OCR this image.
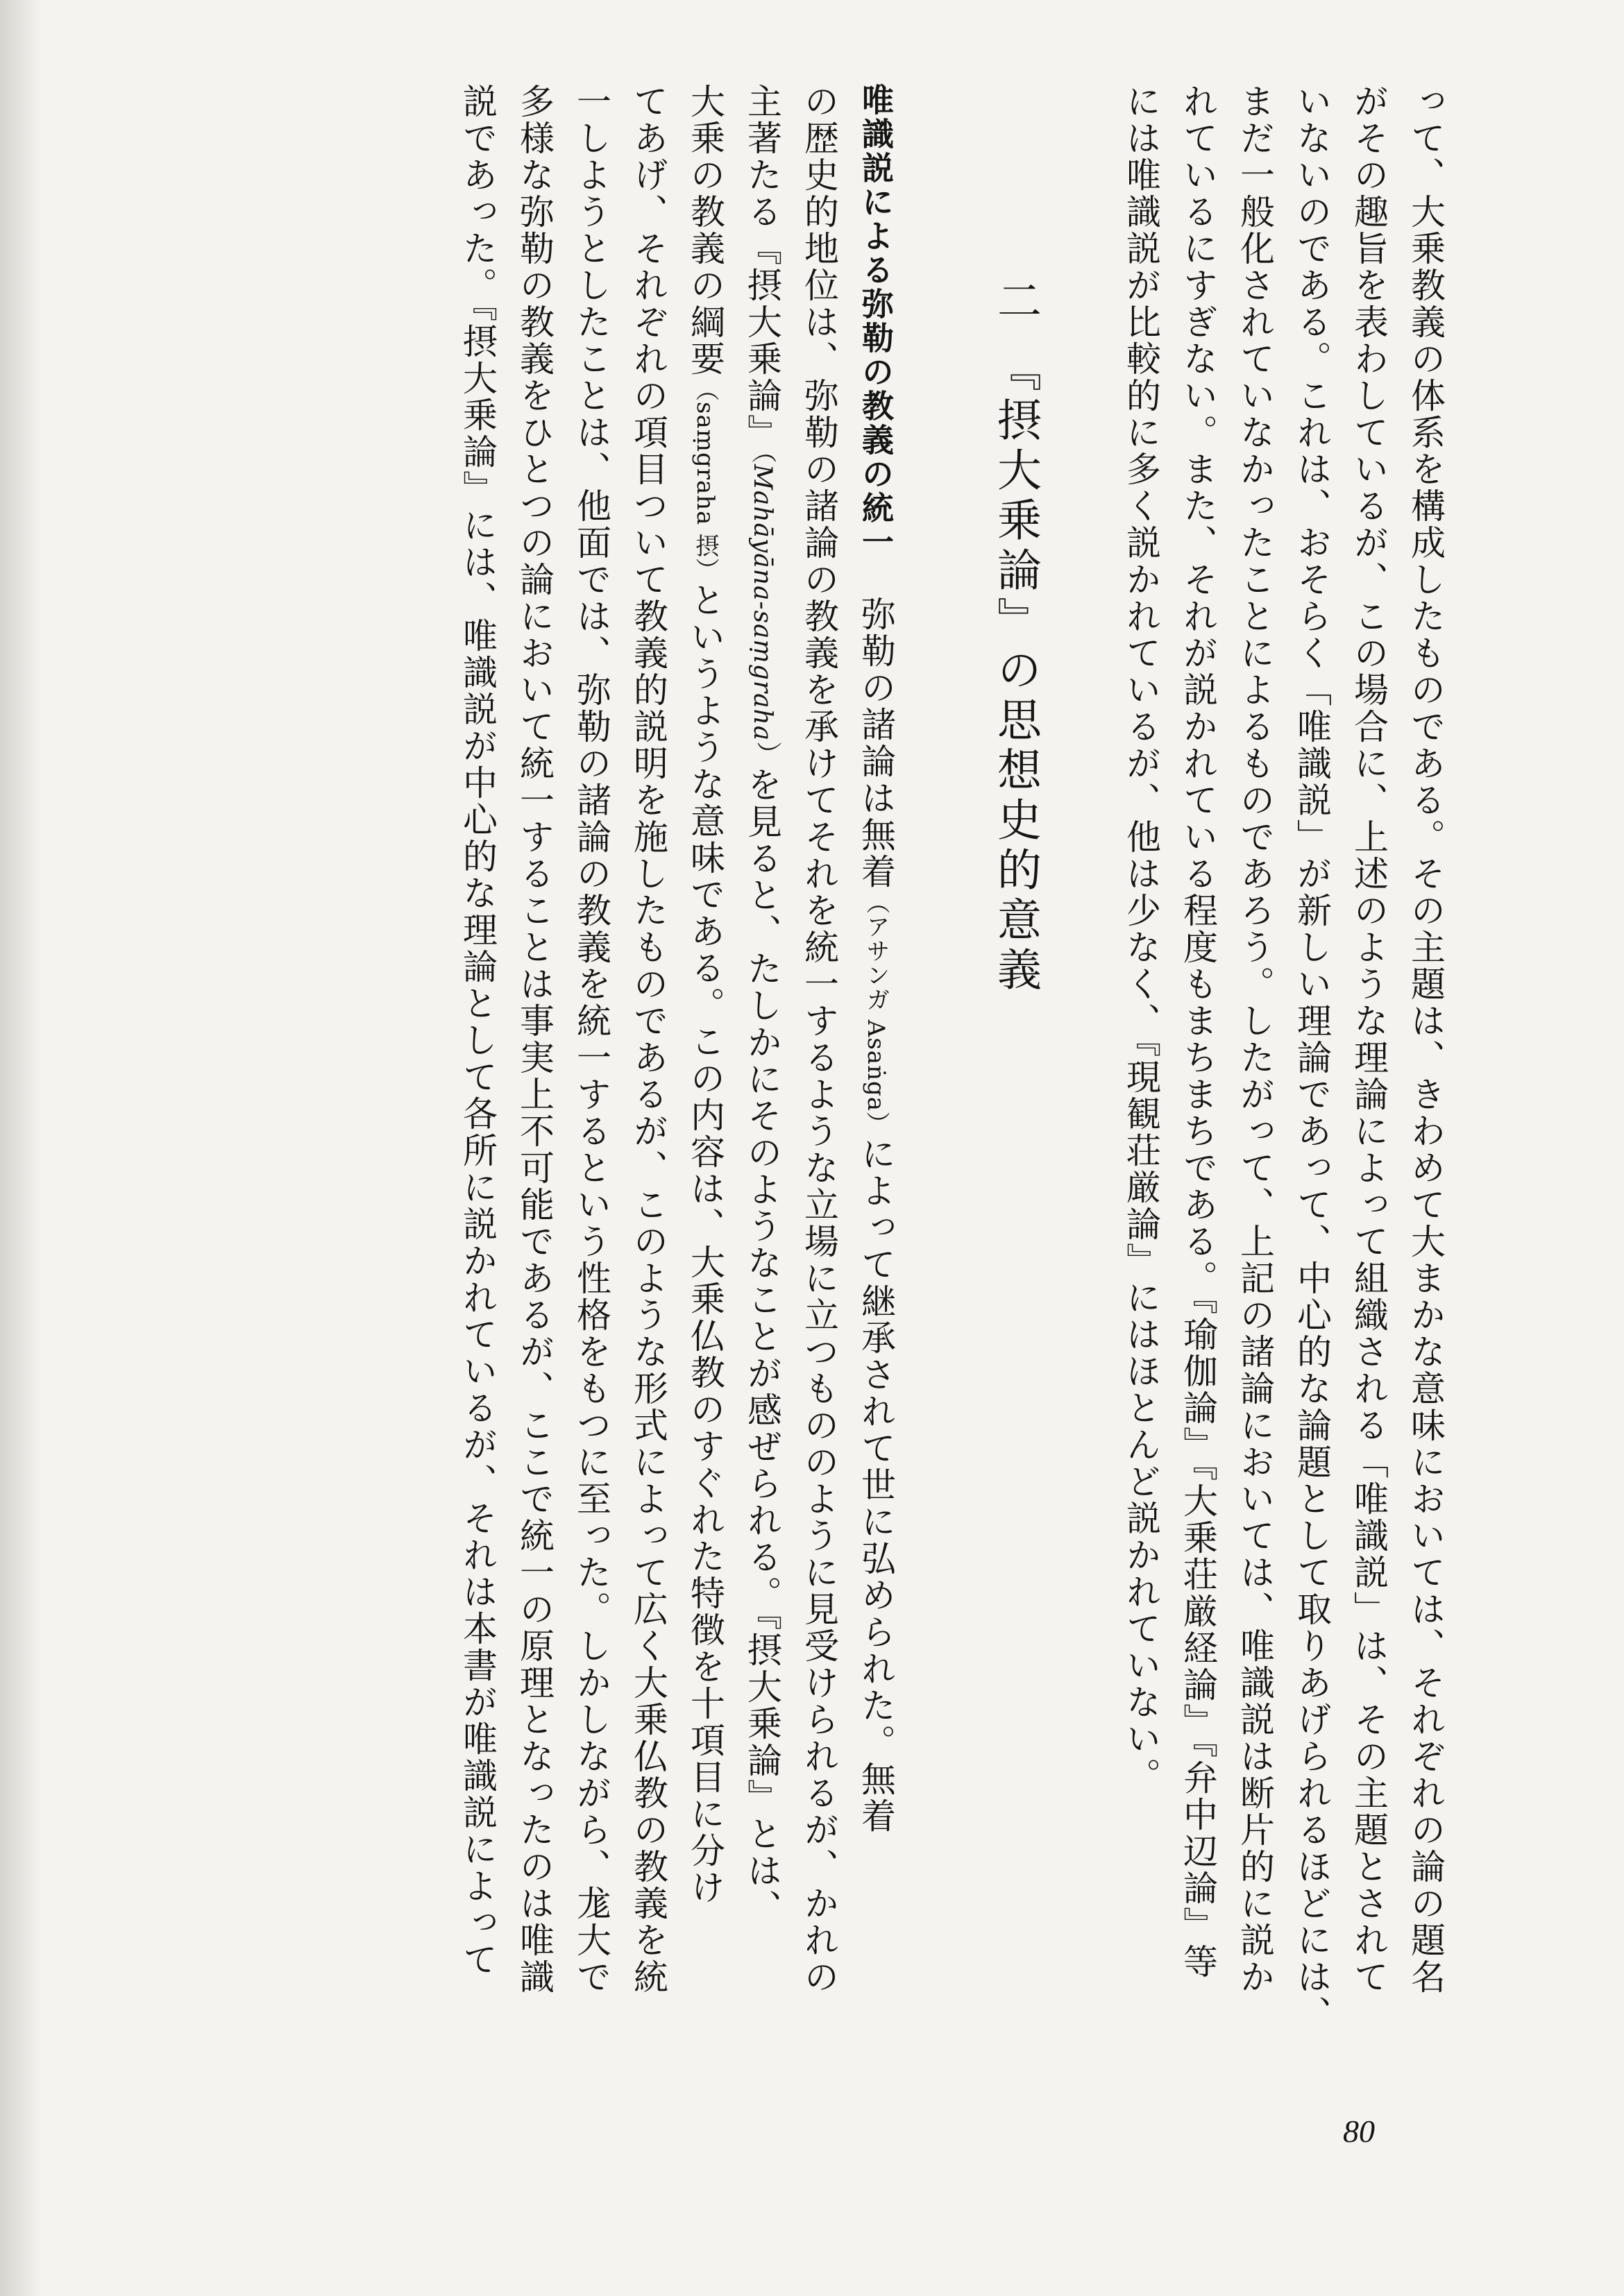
って、大乗教義の体系を構成したものである。その主題は、きわめて大まかな意味においては、それぞれの論の題名
がその趣旨を表わしているが、この場合に、上述のような理論によって組織される「唯識説」は、その主題とされて
いないのである。これは、おそらく「唯識説」が新しい理論であって、中心的な論題として取りあげられるほどには、
まだ一般化されていなかったことによるものであろう。したがって、上記の諸論においては、唯識説は断片的に説か
れているにすぎない。また、それが説かれている程度もまちまちである。『瑜伽論』『大乗荘厳経論』『弁中辺論』等
には唯識説が比較的に多く説かれているが、他は少なく、『現観荘厳論』にはほとんど説かれていない。
二 『摂大乗論』の思想史的意義
唯識説による弥勒の教義の統一　弥勒の諸論は無着（アサンガ Asaṅga）によって継承されて世に弘められた。無着
の歴史的地位は、弥勒の諸論の教義を承けてそれを統一するような立場に立つもののように見受けられるが、かれの
主著たる『摂大乗論』（Mahāyāna-saṃgraha）を見ると、たしかにそのようなことが感ぜられる。『摂大乗論』とは、
大乗の教義の綱要（saṃgraha 摂）というような意味である。この内容は、大乗仏教のすぐれた特徴を十項目に分け
てあげ、それぞれの項目ついて教義的説明を施したものであるが、このような形式によって広く大乗仏教の教義を統
一しようとしたことは、他面では、弥勒の諸論の教義を統一するという性格をもつに至った。しかしながら、尨大で
多様な弥勒の教義をひとつの論において統一することは事実上不可能であるが、ここで統一の原理となったのは唯識
説であった。『摂大乗論』には、唯識説が中心的な理論として各所に説かれているが、それは本書が唯識説によって
80
